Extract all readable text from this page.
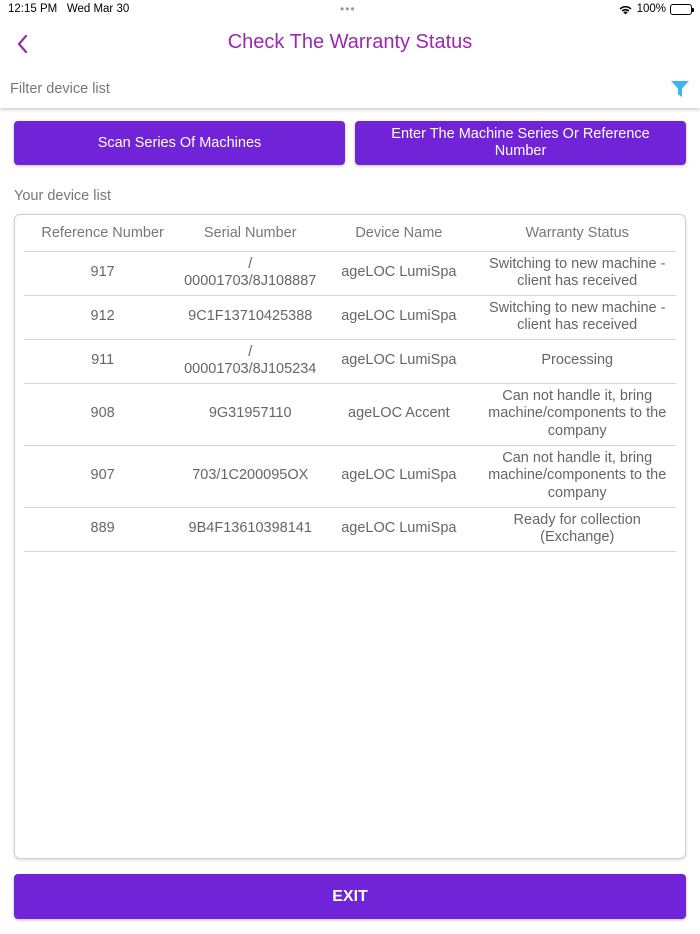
12:15 PM Wed Mar 30	•••	100%
Check The Warranty Status
Filter device list
Scan Series Of Machines
Enter The Machine Series Or Reference Number
Your device list
Reference Number	Serial Number	Device Name	Warranty Status
917	/ 00001703/8J108887	ageLOC LumiSpa	Switching to new machine - client has received
912	9C1F13710425388	ageLOC LumiSpa	Switching to new machine - client has received
911	/ 00001703/8J105234	ageLOC LumiSpa	Processing
908	9G31957110	ageLOC Accent	Can not handle it, bring machine/components to the company
907	703/1C200095OX	ageLOC LumiSpa	Can not handle it, bring machine/components to the company
889	9B4F13610398141	ageLOC LumiSpa	Ready for collection (Exchange)
EXIT
